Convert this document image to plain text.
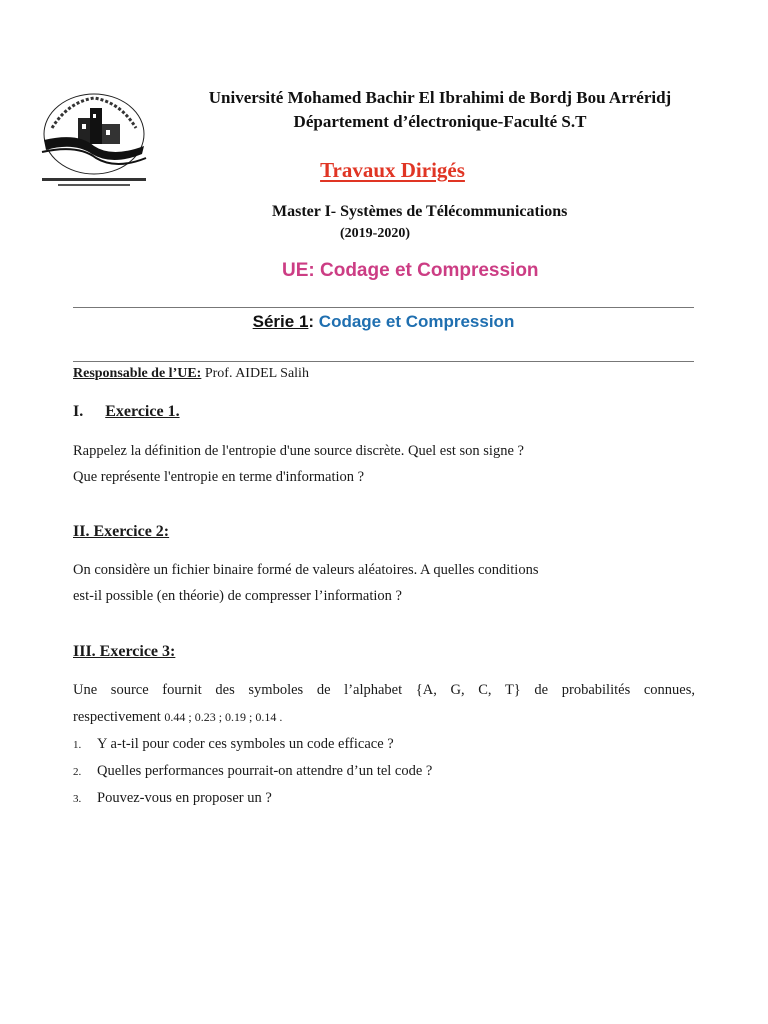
Université Mohamed Bachir El Ibrahimi de Bordj Bou Arréridj
Département d’électronique-Faculté S.T
Travaux Dirigés
Master I- Systèmes de Télécommunications
(2019-2020)
UE: Codage et Compression
Série 1: Codage et Compression
Responsable de l’UE: Prof. AIDEL Salih
I. Exercice 1.
Rappelez la définition de l'entropie d'une source discrète. Quel est son signe ?
Que représente l'entropie en terme d'information ?
II. Exercice 2:
On considère un fichier binaire formé de valeurs aléatoires. A quelles conditions
est-il possible (en théorie) de compresser l’information ?
III. Exercice 3:
Une source fournit des symboles de l’alphabet {A, G, C, T} de probabilités connues,
respectivement 0.44 ; 0.23 ; 0.19 ; 0.14 .
1. Y a-t-il pour coder ces symboles un code efficace ?
2. Quelles performances pourrait-on attendre d’un tel code ?
3. Pouvez-vous en proposer un ?
